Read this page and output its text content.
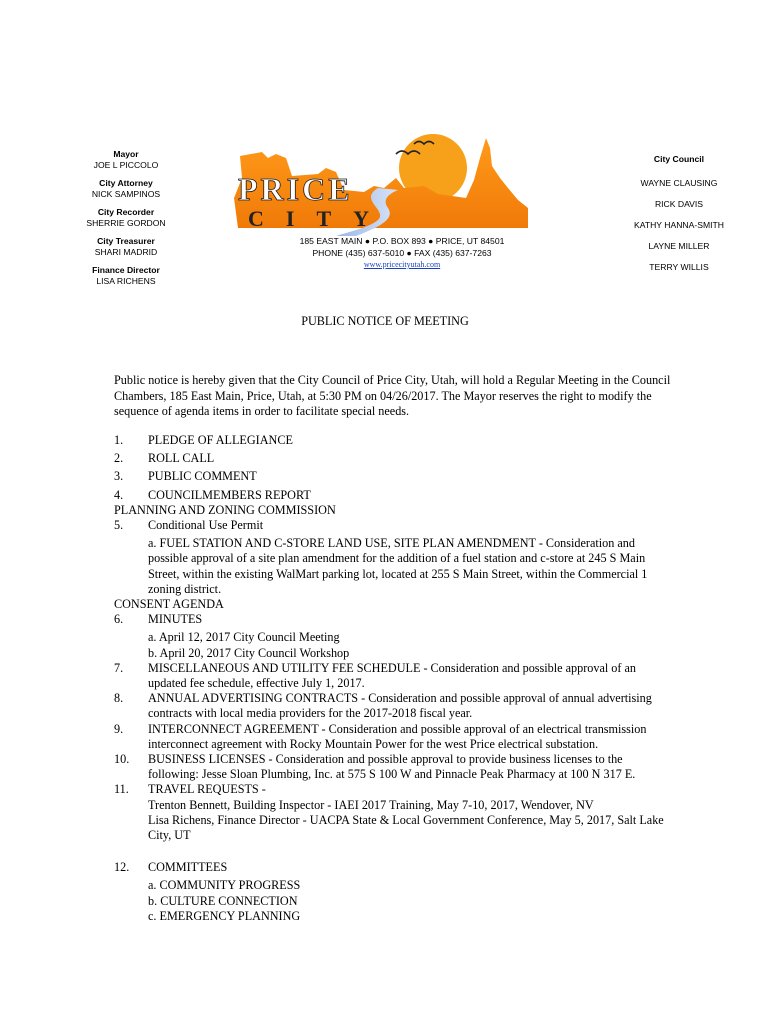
Mayor
JOE L PICCOLO
City Attorney
NICK SAMPINOS
City Recorder
SHERRIE GORDON
City Treasurer
SHARI MADRID
Finance Director
LISA RICHENS
PRICE
CITY
185 EAST MAIN ● P.O. BOX 893 ● PRICE, UT 84501
PHONE (435) 637-5010 ● FAX (435) 637-7263
www.pricecityutah.com
City Council
WAYNE CLAUSING
RICK DAVIS
KATHY HANNA-SMITH
LAYNE MILLER
TERRY WILLIS
PUBLIC NOTICE OF MEETING
Public notice is hereby given that the City Council of Price City, Utah, will hold a Regular Meeting in the Council Chambers, 185 East Main, Price, Utah, at 5:30 PM on 04/26/2017. The Mayor reserves the right to modify the sequence of agenda items in order to facilitate special needs.
1. PLEDGE OF ALLEGIANCE
2. ROLL CALL
3. PUBLIC COMMENT
4. COUNCILMEMBERS REPORT
PLANNING AND ZONING COMMISSION
5. Conditional Use Permit
a. FUEL STATION AND C-STORE LAND USE, SITE PLAN AMENDMENT - Consideration and possible approval of a site plan amendment for the addition of a fuel station and c-store at 245 S Main Street, within the existing WalMart parking lot, located at 255 S Main Street, within the Commercial 1 zoning district.
CONSENT AGENDA
6. MINUTES
a. April 12, 2017 City Council Meeting
b. April 20, 2017 City Council Workshop
7. MISCELLANEOUS AND UTILITY FEE SCHEDULE - Consideration and possible approval of an updated fee schedule, effective July 1, 2017.
8. ANNUAL ADVERTISING CONTRACTS - Consideration and possible approval of annual advertising contracts with local media providers for the 2017-2018 fiscal year.
9. INTERCONNECT AGREEMENT - Consideration and possible approval of an electrical transmission interconnect agreement with Rocky Mountain Power for the west Price electrical substation.
10. BUSINESS LICENSES - Consideration and possible approval to provide business licenses to the following: Jesse Sloan Plumbing, Inc. at 575 S 100 W and Pinnacle Peak Pharmacy at 100 N 317 E.
11. TRAVEL REQUESTS -
Trenton Bennett, Building Inspector - IAEI 2017 Training, May 7-10, 2017, Wendover, NV
Lisa Richens, Finance Director - UACPA State & Local Government Conference, May 5, 2017, Salt Lake City, UT
12. COMMITTEES
a. COMMUNITY PROGRESS
b. CULTURE CONNECTION
c. EMERGENCY PLANNING
